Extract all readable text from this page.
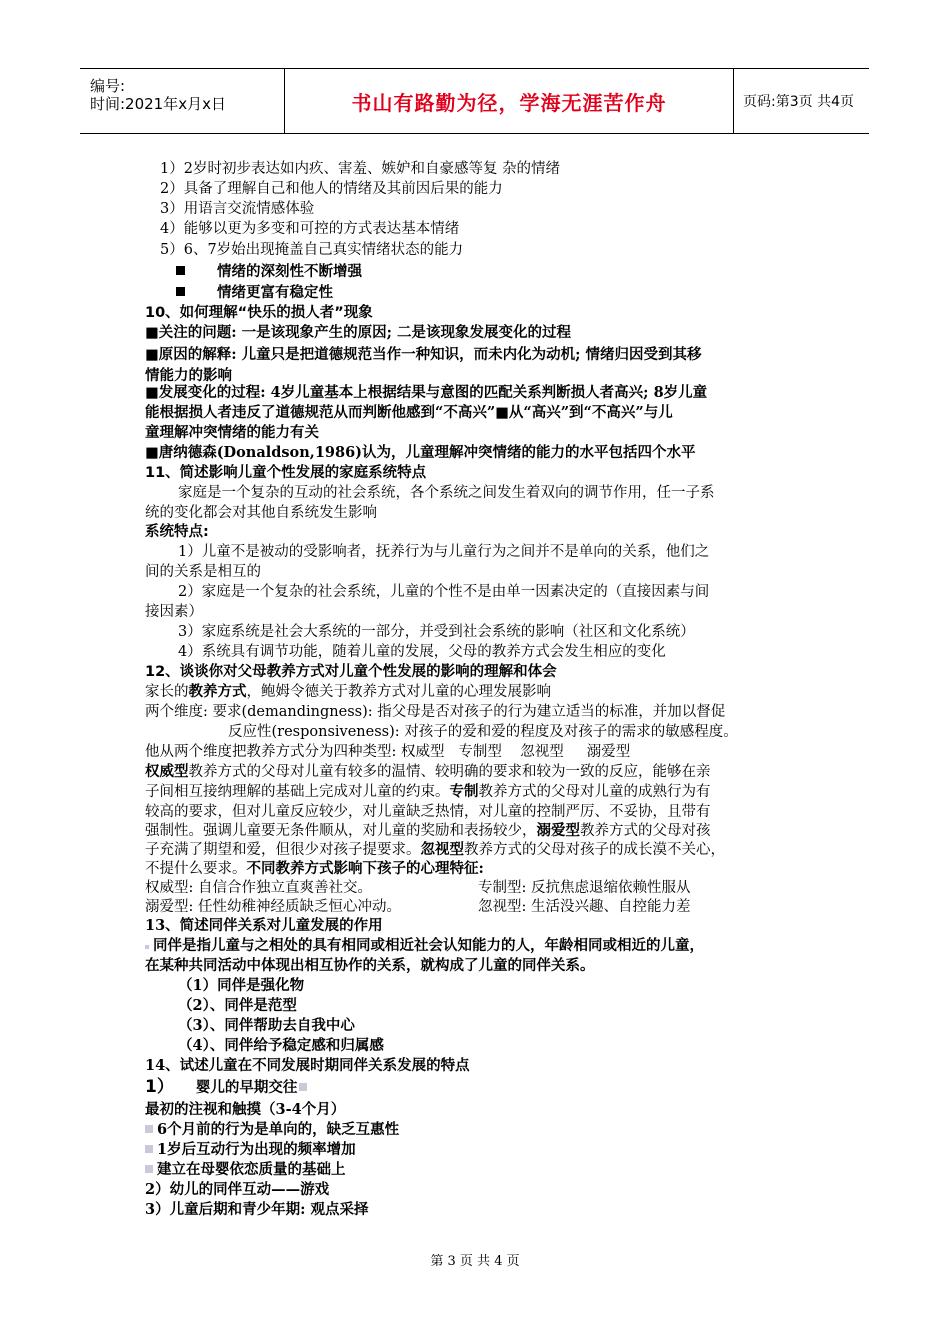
编号:
时间:2021年x月x日	书山有路勤为径，学海无涯苦作舟	页码:第3页 共4页
1）2岁时初步表达如内疚、害羞、嫉妒和自豪感等复 杂的情绪
2）具备了理解自己和他人的情绪及其前因后果的能力
3）用语言交流情感体验
4）能够以更为多变和可控的方式表达基本情绪
5）6、7岁始出现掩盖自己真实情绪状态的能力
情绪的深刻性不断增强
情绪更富有稳定性
10、如何理解“快乐的损人者”现象
■关注的问题: 一是该现象产生的原因; 二是该现象发展变化的过程
■原因的解释: 儿童只是把道德规范当作一种知识，而未内化为动机; 情绪归因受到其移
情能力的影响
■发展变化的过程: 4岁儿童基本上根据结果与意图的匹配关系判断损人者高兴; 8岁儿童
能根据损人者违反了道德规范从而判断他感到“不高兴”■从“高兴”到“不高兴”与儿
童理解冲突情绪的能力有关
■唐纳德森(Donaldson,1986)认为，儿童理解冲突情绪的能力的水平包括四个水平
11、简述影响儿童个性发展的家庭系统特点
家庭是一个复杂的互动的社会系统，各个系统之间发生着双向的调节作用，任一子系
统的变化都会对其他自系统发生影响
系统特点:
1）儿童不是被动的受影响者，抚养行为与儿童行为之间并不是单向的关系，他们之
间的关系是相互的
2）家庭是一个复杂的社会系统，儿童的个性不是由单一因素决定的（直接因素与间
接因素）
3）家庭系统是社会大系统的一部分，并受到社会系统的影响（社区和文化系统）
4）系统具有调节功能，随着儿童的发展，父母的教养方式会发生相应的变化
12、谈谈你对父母教养方式对儿童个性发展的影响的理解和体会
家长的教养方式，鲍姆令德关于教养方式对儿童的心理发展影响
两个维度: 要求(demandingness): 指父母是否对孩子的行为建立适当的标准，并加以督促
反应性(responsiveness): 对孩子的爱和爱的程度及对孩子的需求的敏感程度。
他从两个维度把教养方式分为四种类型: 权威型   专制型    忽视型     溺爱型
权威型教养方式的父母对儿童有较多的温情、较明确的要求和较为一致的反应，能够在亲
子间相互接纳理解的基础上完成对儿童的约束。专制教养方式的父母对儿童的成熟行为有
较高的要求，但对儿童反应较少，对儿童缺乏热情，对儿童的控制严厉、不妥协，且带有
强制性。强调儿童要无条件顺从，对儿童的奖励和表扬较少，溺爱型教养方式的父母对孩
子充满了期望和爱，但很少对孩子提要求。忽视型教养方式的父母对孩子的成长漠不关心，
不提什么要求。不同教养方式影响下孩子的心理特征:
权威型: 自信合作独立直爽善社交。	专制型: 反抗焦虑退缩依赖性服从
溺爱型: 任性幼稚神经质缺乏恒心冲动。	忽视型: 生活没兴趣、自控能力差
13、简述同伴关系对儿童发展的作用
同伴是指儿童与之相处的具有相同或相近社会认知能力的人，年龄相同或相近的儿童，
在某种共同活动中体现出相互协作的关系，就构成了儿童的同伴关系。
（1）同伴是强化物
（2）、同伴是范型
（3）、同伴帮助去自我中心
（4）、同伴给予稳定感和归属感
14、试述儿童在不同发展时期同伴关系发展的特点
1） 婴儿的早期交往
最初的注视和触摸（3-4个月）
6个月前的行为是单向的，缺乏互惠性
1岁后互动行为出现的频率增加
建立在母婴依恋质量的基础上
2）幼儿的同伴互动——游戏
3）儿童后期和青少年期: 观点采择
第 3 页 共 4 页
